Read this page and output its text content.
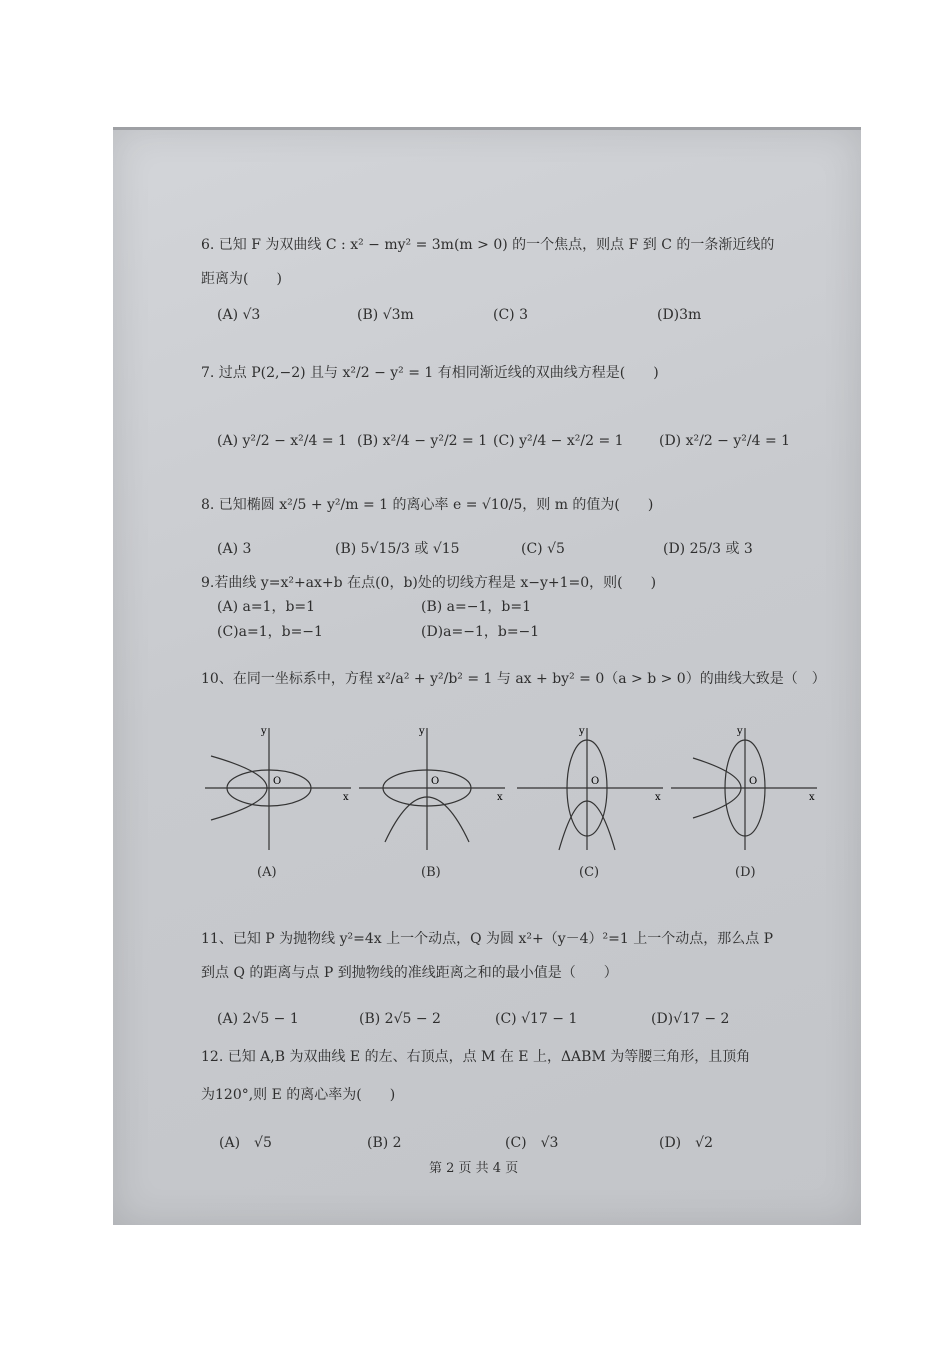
6. 已知 F 为双曲线 C : x² − my² = 3m(m > 0) 的一个焦点，则点 F 到 C 的一条渐近线的
距离为(　　)
(A) √3	(B) √3m	(C) 3	(D)3m
7. 过点 P(2,−2) 且与 x²/2 − y² = 1 有相同渐近线的双曲线方程是(　　)
(A) y²/2 − x²/4 = 1 (B) x²/4 − y²/2 = 1 (C) y²/4 − x²/2 = 1	(D) x²/2 − y²/4 = 1
8. 已知椭圆 x²/5 + y²/m = 1 的离心率 e = √10/5，则 m 的值为(　　)
(A) 3	(B) 5√15/3 或 √15	(C) √5	(D) 25/3 或 3
9.若曲线 y=x²+ax+b 在点(0，b)处的切线方程是 x−y+1=0，则(　　)
(A) a=1，b=1	(B) a=−1，b=1
(C)a=1，b=−1	(D)a=−1，b=−1
10、在同一坐标系中，方程 x²/a² + y²/b² = 1 与 ax + by² = 0（a > b > 0）的曲线大致是（　）
O
x
y
(A)
O
x
y
(B)
O
x
y
(C)
O
x
y
(D)
11、已知 P 为抛物线 y²=4x 上一个动点，Q 为圆 x²+（y－4）²=1 上一个动点，那么点 P
到点 Q 的距离与点 P 到抛物线的准线距离之和的最小值是（　　）
(A) 2√5 − 1	(B) 2√5 − 2	(C) √17 − 1	(D)√17 − 2
12. 已知 A,B 为双曲线 E 的左、右顶点，点 M 在 E 上，ΔABM 为等腰三角形，且顶角
为120°,则 E 的离心率为(　　)
(A)　√5	(B) 2	(C)　√3	(D)　√2
第 2 页 共 4 页
